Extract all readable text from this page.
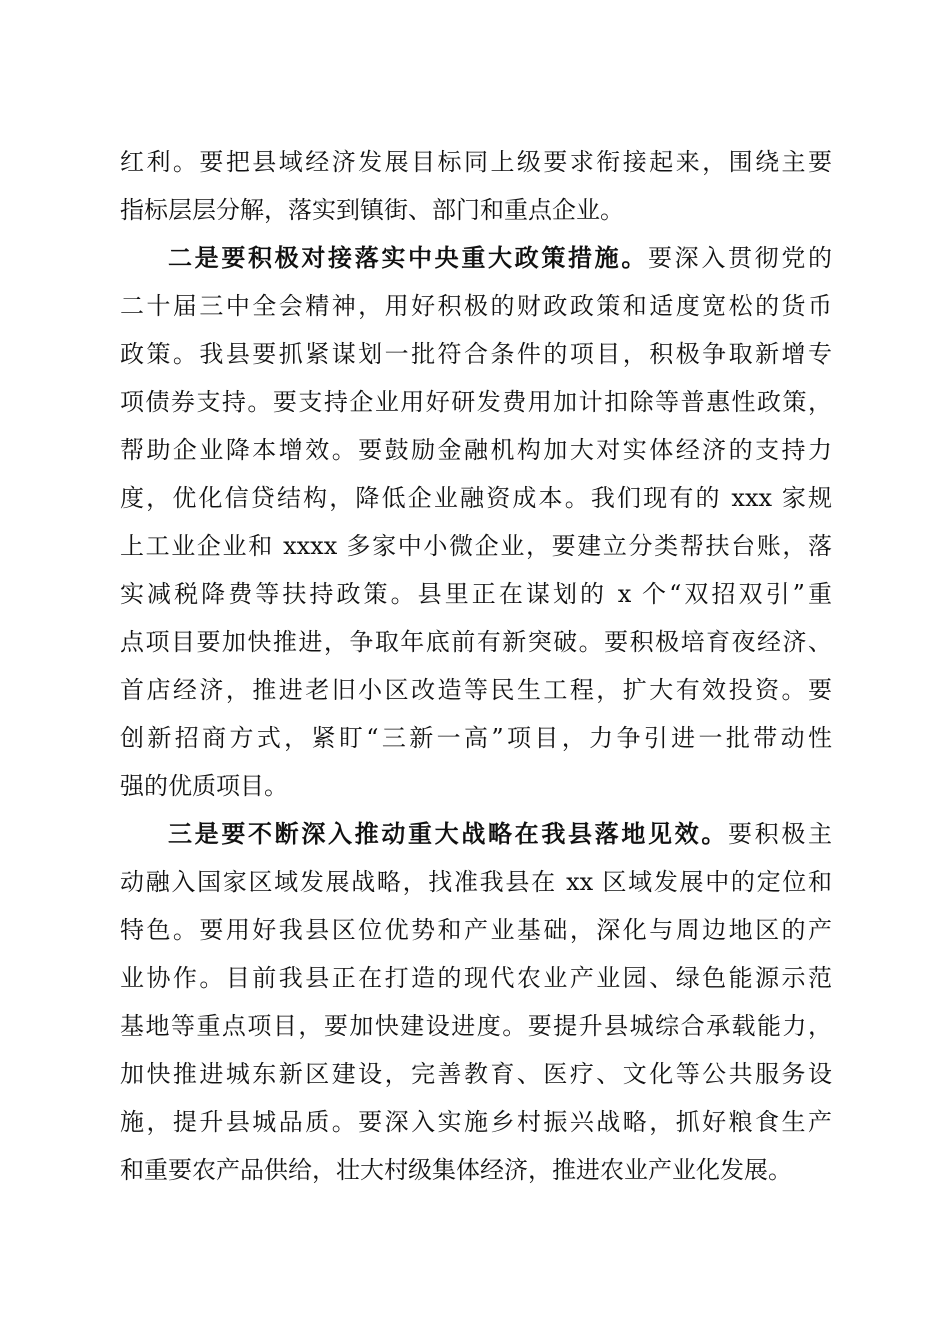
红利。要把县域经济发展目标同上级要求衔接起来，围绕主要
指标层层分解，落实到镇街、部门和重点企业。
二是要积极对接落实中央重大政策措施。要深入贯彻党的
二十届三中全会精神，用好积极的财政政策和适度宽松的货币
政策。我县要抓紧谋划一批符合条件的项目，积极争取新增专
项债券支持。要支持企业用好研发费用加计扣除等普惠性政策，
帮助企业降本增效。要鼓励金融机构加大对实体经济的支持力
度，优化信贷结构，降低企业融资成本。我们现有的 xxx 家规
上工业企业和 xxxx 多家中小微企业，要建立分类帮扶台账，落
实减税降费等扶持政策。县里正在谋划的 x 个“双招双引”重
点项目要加快推进，争取年底前有新突破。要积极培育夜经济、
首店经济，推进老旧小区改造等民生工程，扩大有效投资。要
创新招商方式，紧盯“三新一高”项目，力争引进一批带动性
强的优质项目。
三是要不断深入推动重大战略在我县落地见效。要积极主
动融入国家区域发展战略，找准我县在 xx 区域发展中的定位和
特色。要用好我县区位优势和产业基础，深化与周边地区的产
业协作。目前我县正在打造的现代农业产业园、绿色能源示范
基地等重点项目，要加快建设进度。要提升县城综合承载能力，
加快推进城东新区建设，完善教育、医疗、文化等公共服务设
施，提升县城品质。要深入实施乡村振兴战略，抓好粮食生产
和重要农产品供给，壮大村级集体经济，推进农业产业化发展。
